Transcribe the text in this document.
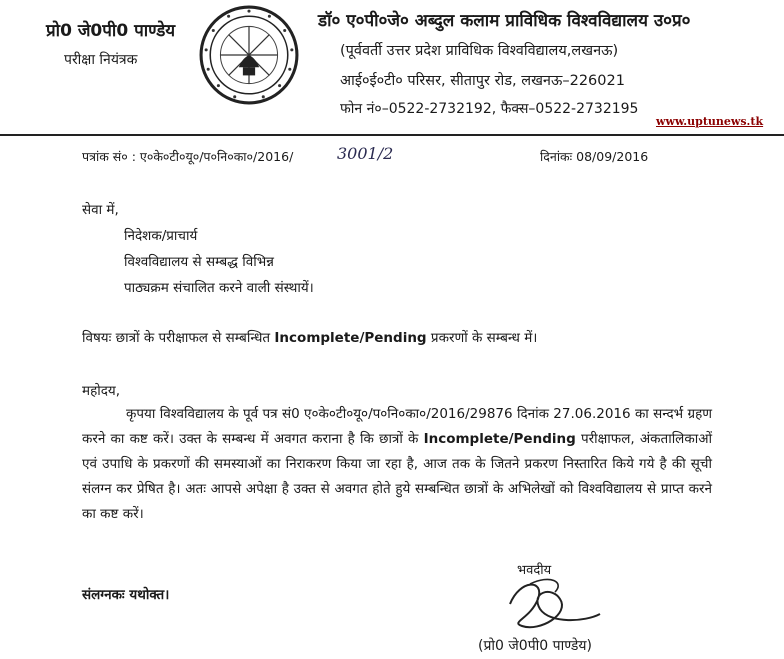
प्रो0 जे0पी0 पाण्डेय
परीक्षा नियंत्रक
डॉ० ए०पी०जे० अब्दुल कलाम प्राविधिक विश्वविद्यालय उ०प्र०
(पूर्ववर्ती उत्तर प्रदेश प्राविधिक विश्वविद्यालय,लखनऊ)
आई०ई०टी० परिसर, सीतापुर रोड, लखनऊ–226021
फोन नं०–0522-2732192, फैक्स–0522-2732195
www.uptunews.tk
पत्रांक सं० : ए०के०टी०यू०/प०नि०का०/2016/	3001/2	दिनांकः 08/09/2016
सेवा में,
निदेशक/प्राचार्य
विश्वविद्यालय से सम्बद्ध विभिन्न
पाठ्यक्रम संचालित करने वाली संस्थायें।
विषयः छात्रों के परीक्षाफल से सम्बन्धित Incomplete/Pending प्रकरणों के सम्बन्ध में।
महोदय,
कृपया विश्वविद्यालय के पूर्व पत्र सं0 ए०के०टी०यू०/प०नि०का०/2016/29876 दिनांक 27.06.2016 का सन्दर्भ ग्रहण करने का कष्ट करें। उक्त के सम्बन्ध में अवगत कराना है कि छात्रों के Incomplete/Pending परीक्षाफल, अंकतालिकाओं एवं उपाधि के प्रकरणों की समस्याओं का निराकरण किया जा रहा है, आज तक के जितने प्रकरण निस्तारित किये गये है की सूची संलग्न कर प्रेषित है। अतः आपसे अपेक्षा है उक्त से अवगत होते हुये सम्बन्धित छात्रों के अभिलेखों को विश्वविद्यालय से प्राप्त करने का कष्ट करें।
भवदीय
संलग्नकः यथोक्त।
(प्रो0 जे0पी0 पाण्डेय)
